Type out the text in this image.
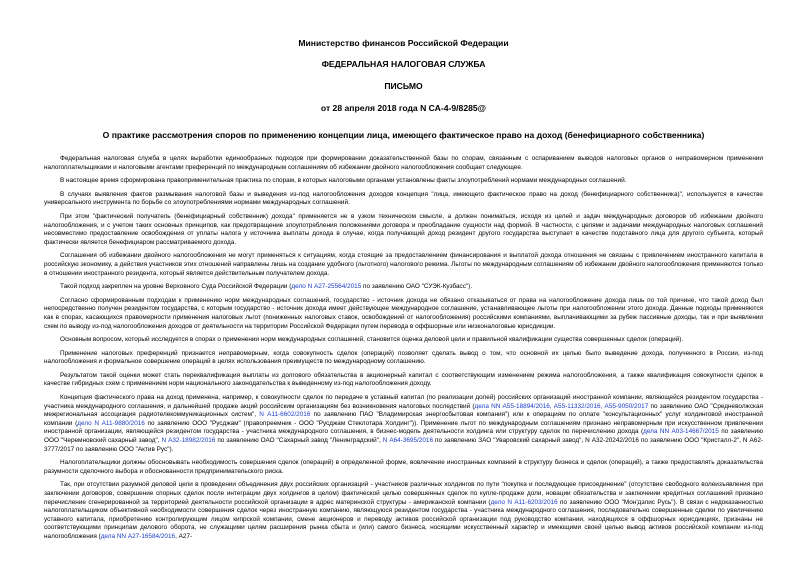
Министерство финансов Российской Федерации
ФЕДЕРАЛЬНАЯ НАЛОГОВАЯ СЛУЖБА
ПИСЬМО
от 28 апреля 2018 года N СА-4-9/8285@
О практике рассмотрения споров по применению концепции лица, имеющего фактическое право на доход (бенефициарного собственника)

Федеральная налоговая служба в целях выработки единообразных подходов при формировании доказательственной базы по спорам, связанным с оспариванием выводов налоговых органов о неправомерном применении налогоплательщиками и налоговыми агентами преференций по международным соглашениям об избежании двойного налогообложения сообщает следующее.

В настоящее время сформирована правоприменительная практика по спорам, в которых налоговыми органами установлены факты злоупотреблений нормами международных соглашений.

В случаях выявления фактов размывания налоговой базы и выведения из-под налогообложения доходов концепция "лица, имеющего фактическое право на доход (бенефициарного собственника)", используется в качестве универсального инструмента по борьбе со злоупотреблениями нормами международных соглашений.

При этом "фактический получатель (бенефициарный собственник) дохода" применяется не в узком техническом смысле, а должен пониматься, исходя из целей и задач международных договоров об избежании двойного налогообложения, и с учетом таких основных принципов, как предотвращение злоупотребления положениями договора и преобладание сущности над формой. В частности, с целями и задачами международных налоговых соглашений несовместимо предоставление освобождения от уплаты налога у источника выплаты дохода в случае, когда получающий доход резидент другого государства выступает в качестве подставного лица для другого субъекта, который фактически является бенефициаром рассматриваемого дохода.

Соглашения об избежании двойного налогообложения не могут применяться к ситуациям, когда стоящие за предоставлением финансирования и выплатой дохода отношения не связаны с привлечением иностранного капитала в российскую экономику, а действия участников этих отношений направлены лишь на создание удобного (льготного) налогового режима. Льготы по международным соглашениям об избежании двойного налогообложения применяются только в отношении иностранного резидента, который является действительным получателем дохода.

Такой подход закреплен на уровне Верховного Суда Российской Федерации (дело N А27-25564/2015 по заявлению ОАО "СУЭК-Кузбасс").

Согласно сформированным подходам к применению норм международных соглашений, государство - источник дохода не обязано отказываться от права на налогообложение дохода лишь по той причине, что такой доход был непосредственно получен резидентом государства, с которым государство - источник дохода имеет действующее международное соглашение, устанавливающее льготы при налогообложении этого дохода. Данные подходы применяются как в спорах, касающихся правомерности применения налоговых льгот (пониженных налоговых ставок, освобождений от налогообложения) российскими компаниями, выплачивающими за рубеж пассивные доходы, так и при выявлении схем по выводу из-под налогообложения доходов от деятельности на территории Российской Федерации путем перевода в оффшорные или низконалоговые юрисдикции.

Основным вопросом, который исследуется в спорах о применении норм международных соглашений, становится оценка деловой цели и правильной квалификации существа совершенных сделок (операций).

Применение налоговых преференций признается неправомерным, когда совокупность сделок (операций) позволяет сделать вывод о том, что основной их целью было выведение дохода, полученного в России, из-под налогообложения и формальное совершение операций в целях использования преимуществ по международному соглашению.

Результатом такой оценки может стать переквалификация выплаты из долгового обязательства в акционерный капитал с соответствующим изменением режима налогообложения, а также квалификация совокупности сделок в качестве гибридных схем с применением норм национального законодательства к выведенному из-под налогообложения доходу.

Концепция фактического права на доход применена, например, к совокупности сделок по передаче в уставный капитал (по реализации долей) российских организаций иностранной компании, являющейся резидентом государства - участника международного соглашения, и дальнейшей продаже акций российским организациям без возникновения налоговых последствий (дела NN А55-18894/2016, А55-11332/2016, А55-9050/2017 по заявлению ОАО "Средневолжская межрегиональная ассоциация радиотелекоммуникационных систем", N А11-6602/2016 по заявлению ПАО "Владимирская энергосбытовая компания") или к операциям по оплате "консультационных" услуг холдинговой иностранной компании (дело N А11-9880/2016 по заявлению ООО "Русджам" (правопреемник - ООО "Русджам Стеклотара Холдинг")). Применение льгот по международным соглашениям признано неправомерным при искусственном привлечении иностранной организации, являющейся резидентом государства - участника международного соглашения, в бизнес-модель деятельности холдинга или структуру сделок по перечислению дохода (дела NN А03-14667/2015 по заявлению ООО "Черемновский сахарный завод", N А32-18982/2016 по заявлению ОАО "Сахарный завод "Ленинградский", N А64-3695/2016 по заявлению ЗАО "Уваровский сахарный завод", N А32-20242/2016 по заявлению ООО "Кристалл-2", N А62-3777/2017 по заявлению ООО "Актив Рус").

Налогоплательщики должны обосновывать необходимость совершения сделок (операций) в определенной форме, вовлечение иностранных компаний в структуру бизнеса и сделок (операций), а также предоставлять доказательства разумности сделочного выбора и обоснованности предпринимательского риска.

Так, при отсутствии разумной деловой цели в проведении объединения двух российских организаций - участников различных холдингов по пути "покупка и последующее присоединение" (отсутствие свободного волеизъявления при заключении договоров, совершение спорных сделок после интеграции двух холдингов в целом) фактической целью совершенных сделок по купле-продаже доли, новации обязательства и заключении кредитных соглашений признано перечисление сгенерированной за территорией деятельности российской организации в адрес материнской структуры - американской компании (дело N А11-6203/2016 по заявлению ООО "Мон'дэлис Русь"). В связи с недоказанностью налогоплательщиком объективной необходимости совершения сделок через иностранную компанию, являющуюся резидентом государства - участника международного соглашения, последовательно совершенные сделки по увеличению уставного капитала, приобретению контролирующим лицом кипрской компании, смене акционеров и переводу активов российской организации под руководство компании, находящихся в оффшорных юрисдикциях, признаны не соответствующими принципам делового оборота, не служащими целям расширения рынка сбыта и (или) самого бизнеса, носящими искусственный характер и имеющими своей целью вывод активов российской компании из-под налогообложения (дела NN А27-16584/2016, А27-
